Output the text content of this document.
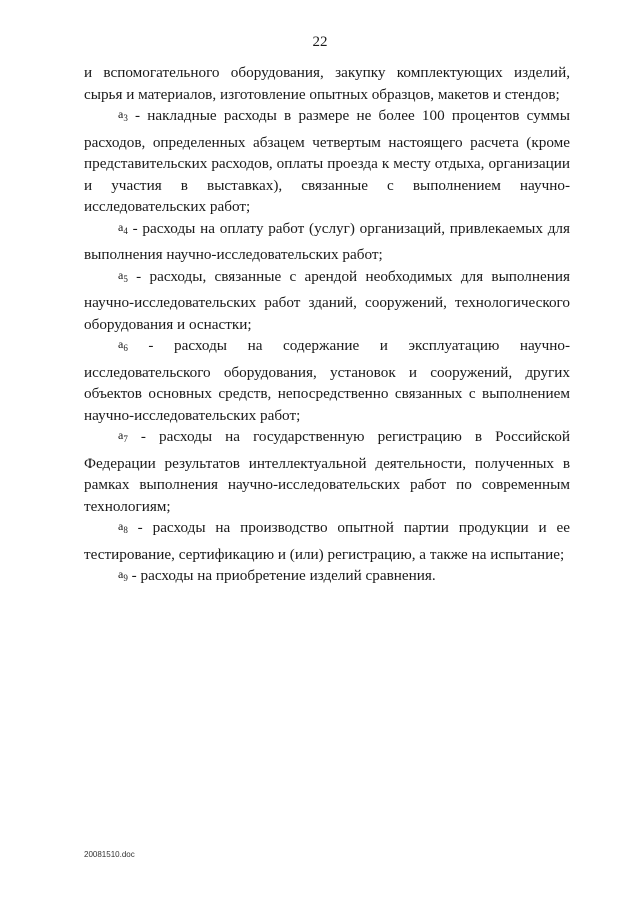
22

и вспомогательного оборудования, закупку комплектующих изделий, сырья и материалов, изготовление опытных образцов, макетов и стендов;

$a_3$ - накладные расходы в размере не более 100 процентов суммы расходов, определенных абзацем четвертым настоящего расчета (кроме представительских расходов, оплаты проезда к месту отдыха, организации и участия в выставках), связанные с выполнением научно-исследовательских работ;

$a_4$ - расходы на оплату работ (услуг) организаций, привлекаемых для выполнения научно-исследовательских работ;

$a_5$ - расходы, связанные с арендой необходимых для выполнения научно-исследовательских работ зданий, сооружений, технологического оборудования и оснастки;

$a_6$ - расходы на содержание и эксплуатацию научно-исследовательского оборудования, установок и сооружений, других объектов основных средств, непосредственно связанных с выполнением научно-исследовательских работ;

$a_7$ - расходы на государственную регистрацию в Российской Федерации результатов интеллектуальной деятельности, полученных в рамках выполнения научно-исследовательских работ по современным технологиям;

$a_8$ - расходы на производство опытной партии продукции и ее тестирование, сертификацию и (или) регистрацию, а также на испытание;

$a_9$ - расходы на приобретение изделий сравнения.

20081510.doc
